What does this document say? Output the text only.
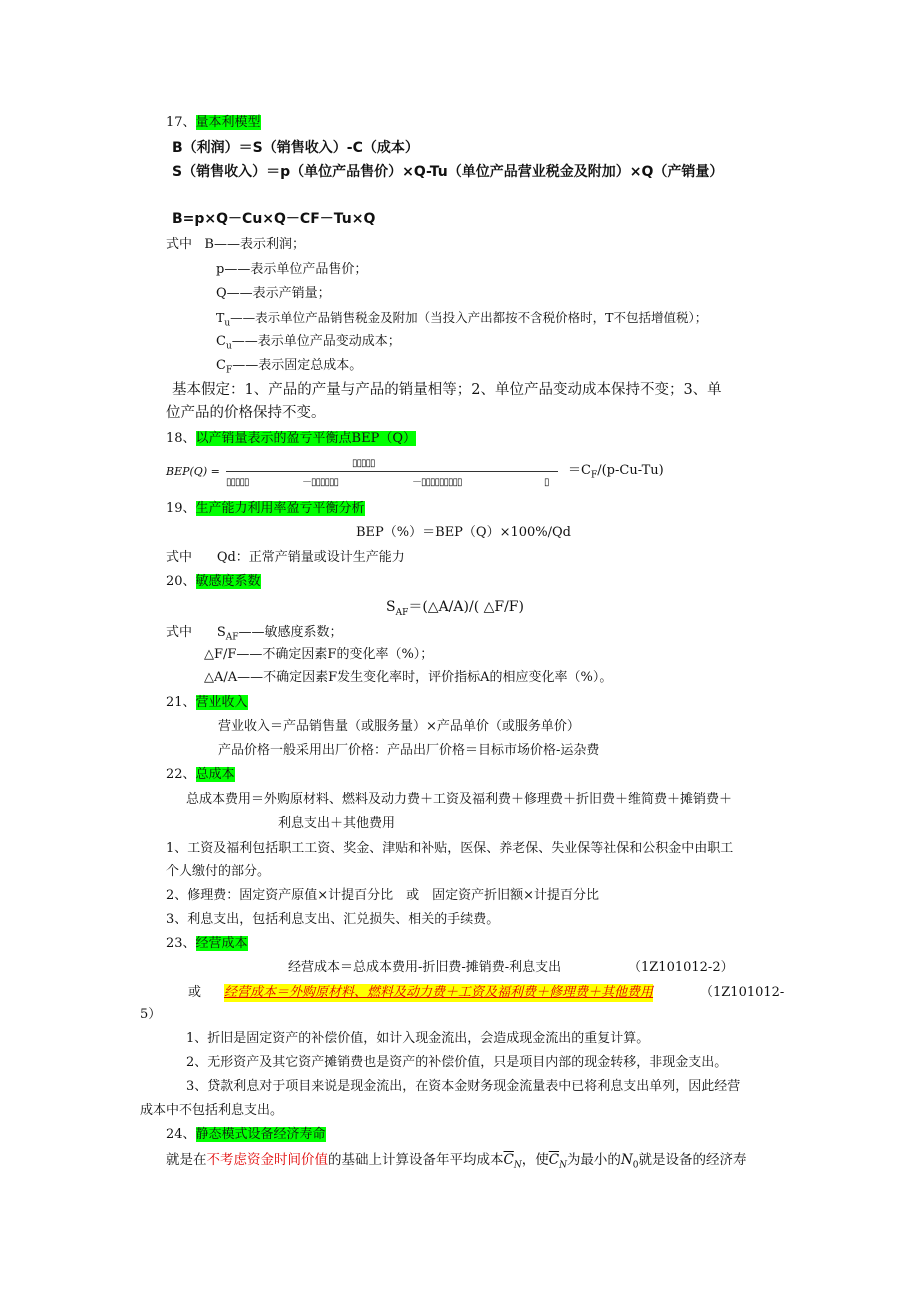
17、量本利模型
B（利润）＝S（销售收入）-C（成本）
S（销售收入）＝p（单位产品售价）×Q-Tu（单位产品营业税金及附加）×Q（产销量）
B=p×Q－Cu×Q－CF－Tu×Q
式中 B——表示利润；
p——表示单位产品售价；
Q——表示产销量；
$T_u——$表示单位产品销售税金及附加（当投入产出都按不含税价格时，T不包括增值税）；
$C_u——$表示单位产品变动成本；
$C_F——$表示固定总成本。
基本假定：1、产品的产量与产品的销量相等；2、单位产品变动成本保持不变；3、单
位产品的价格保持不变。
18、以产销量表示的盈亏平衡点BEP（Q）
BEP(Q) =
▯▯▯▯▯
▯▯▯▯▯	－▯▯▯▯▯▯	－▯▯▯▯▯▯▯▯▯	▯
$=C_F/(p-Cu-Tu)$
19、生产能力利用率盈亏平衡分析
BEP（%）＝BEP（Q）×100%/Qd
式中 Qd：正常产销量或设计生产能力
20、敏感度系数
$S_{AF}=(\triangle A/A)/$( △F/F)
式中 $S_{AF}——$敏感度系数；
△F/F——不确定因素F的变化率（%）；
△A/A——不确定因素F发生变化率时，评价指标A的相应变化率（%）。
21、营业收入
营业收入＝产品销售量（或服务量）×产品单价（或服务单价）
产品价格一般采用出厂价格：产品出厂价格＝目标市场价格-运杂费
22、总成本
总成本费用＝外购原材料、燃料及动力费＋工资及福利费＋修理费＋折旧费＋维简费＋摊销费＋
利息支出＋其他费用
1、工资及福利包括职工工资、奖金、津贴和补贴，医保、养老保、失业保等社保和公积金中由职工
个人缴付的部分。
2、修理费：固定资产原值×计提百分比　或　固定资产折旧额×计提百分比
3、利息支出，包括利息支出、汇兑损失、相关的手续费。
23、经营成本
经营成本＝总成本费用-折旧费-摊销费-利息支出	（1Z101012-2）
或 经营成本＝外购原材料、燃料及动力费＋工资及福利费＋修理费＋其他费用	（1Z101012-
5）
1、折旧是固定资产的补偿价值，如计入现金流出，会造成现金流出的重复计算。
2、无形资产及其它资产摊销费也是资产的补偿价值，只是项目内部的现金转移，非现金支出。
3、贷款利息对于项目来说是现金流出，在资本金财务现金流量表中已将利息支出单列，因此经营
成本中不包括利息支出。
24、静态模式设备经济寿命
就是在不考虑资金时间价值的基础上计算设备年平均成本$\overline{C}_N$，使$\overline{C}_N$为最小的$N_0$就是设备的经济寿
